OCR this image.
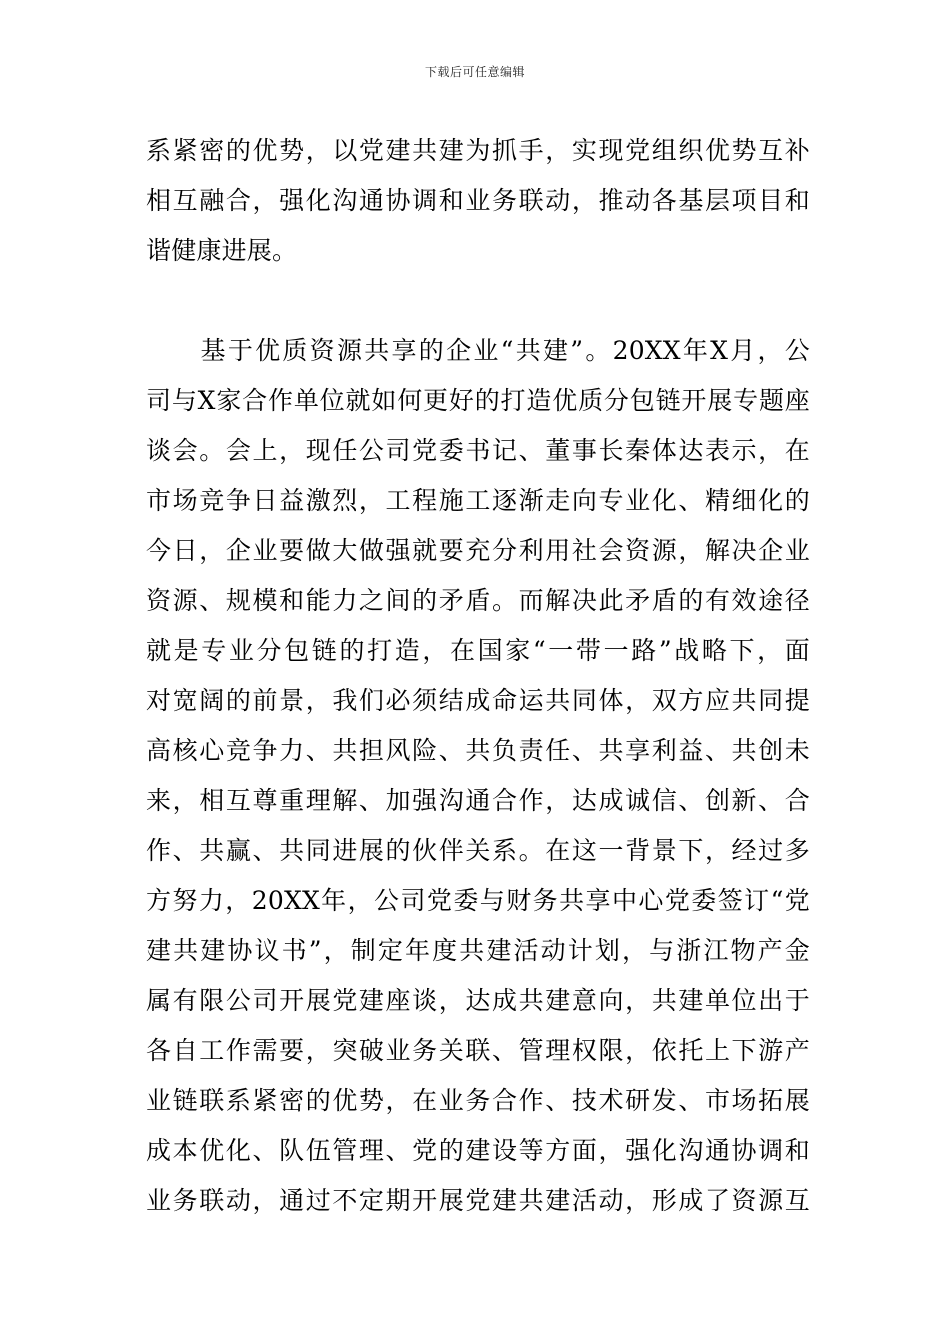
下载后可任意编辑
系紧密的优势，以党建共建为抓手，实现党组织优势互补
相互融合，强化沟通协调和业务联动，推动各基层项目和
谐健康进展。
　　基于优质资源共享的企业“共建”。20XX年X月，公
司与X家合作单位就如何更好的打造优质分包链开展专题座
谈会。会上，现任公司党委书记、董事长秦体达表示，在
市场竞争日益激烈，工程施工逐渐走向专业化、精细化的
今日，企业要做大做强就要充分利用社会资源，解决企业
资源、规模和能力之间的矛盾。而解决此矛盾的有效途径
就是专业分包链的打造，在国家“一带一路”战略下，面
对宽阔的前景，我们必须结成命运共同体，双方应共同提
高核心竞争力、共担风险、共负责任、共享利益、共创未
来，相互尊重理解、加强沟通合作，达成诚信、创新、合
作、共赢、共同进展的伙伴关系。在这一背景下，经过多
方努力，20XX年，公司党委与财务共享中心党委签订“党
建共建协议书”，制定年度共建活动计划，与浙江物产金
属有限公司开展党建座谈，达成共建意向，共建单位出于
各自工作需要，突破业务关联、管理权限，依托上下游产
业链联系紧密的优势，在业务合作、技术研发、市场拓展
成本优化、队伍管理、党的建设等方面，强化沟通协调和
业务联动，通过不定期开展党建共建活动，形成了资源互
